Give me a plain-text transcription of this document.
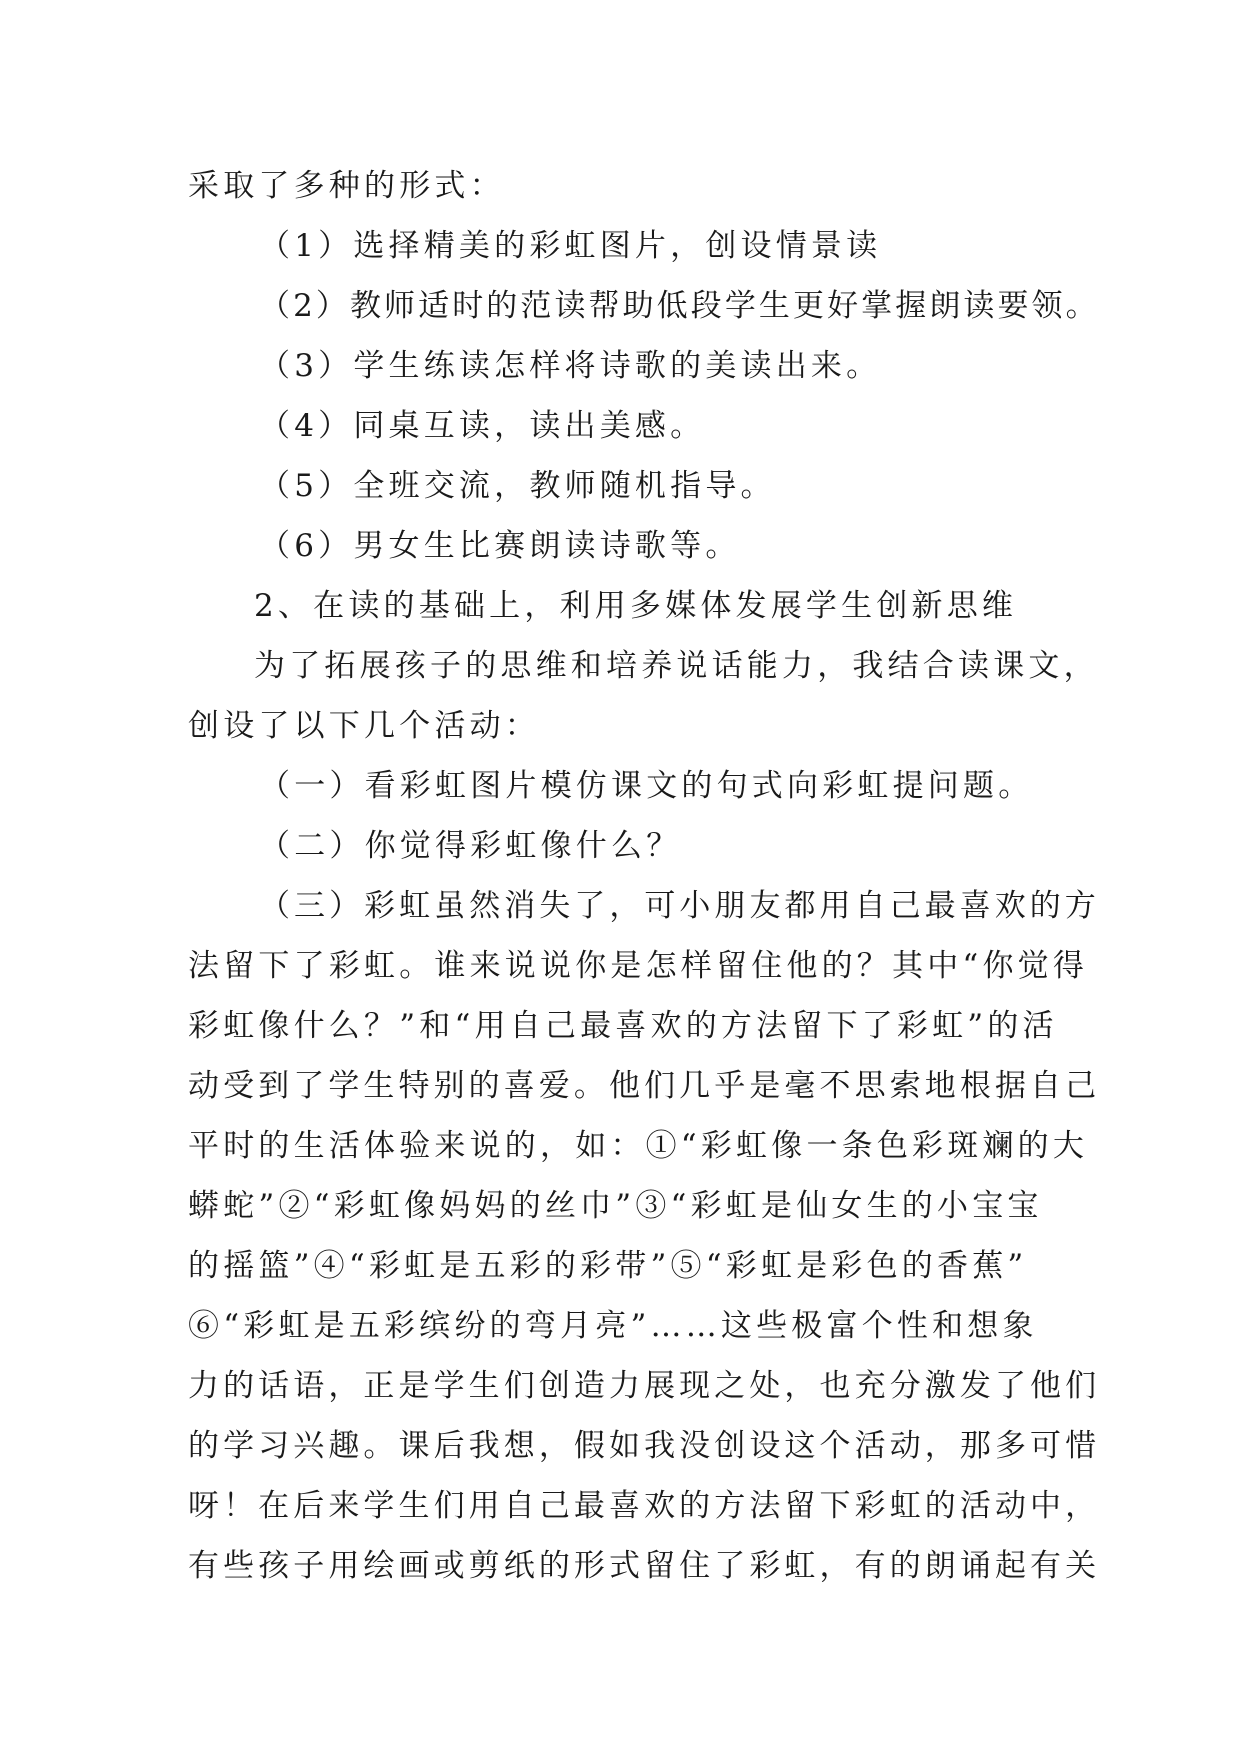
采取了多种的形式：
（1）选择精美的彩虹图片，创设情景读
（2）教师适时的范读帮助低段学生更好掌握朗读要领。
（3）学生练读怎样将诗歌的美读出来。
（4）同桌互读，读出美感。
（5）全班交流，教师随机指导。
（6）男女生比赛朗读诗歌等。
2、在读的基础上，利用多媒体发展学生创新思维
为了拓展孩子的思维和培养说话能力，我结合读课文，
创设了以下几个活动：
（一）看彩虹图片模仿课文的句式向彩虹提问题。
（二）你觉得彩虹像什么？
（三）彩虹虽然消失了，可小朋友都用自己最喜欢的方
法留下了彩虹。谁来说说你是怎样留住他的？其中“你觉得
彩虹像什么？”和“用自己最喜欢的方法留下了彩虹”的活
动受到了学生特别的喜爱。他们几乎是毫不思索地根据自己
平时的生活体验来说的，如：①“彩虹像一条色彩斑斓的大
蟒蛇”②“彩虹像妈妈的丝巾”③“彩虹是仙女生的小宝宝
的摇篮”④“彩虹是五彩的彩带”⑤“彩虹是彩色的香蕉”
⑥“彩虹是五彩缤纷的弯月亮”……这些极富个性和想象
力的话语，正是学生们创造力展现之处，也充分激发了他们
的学习兴趣。课后我想，假如我没创设这个活动，那多可惜
呀！在后来学生们用自己最喜欢的方法留下彩虹的活动中，
有些孩子用绘画或剪纸的形式留住了彩虹，有的朗诵起有关
